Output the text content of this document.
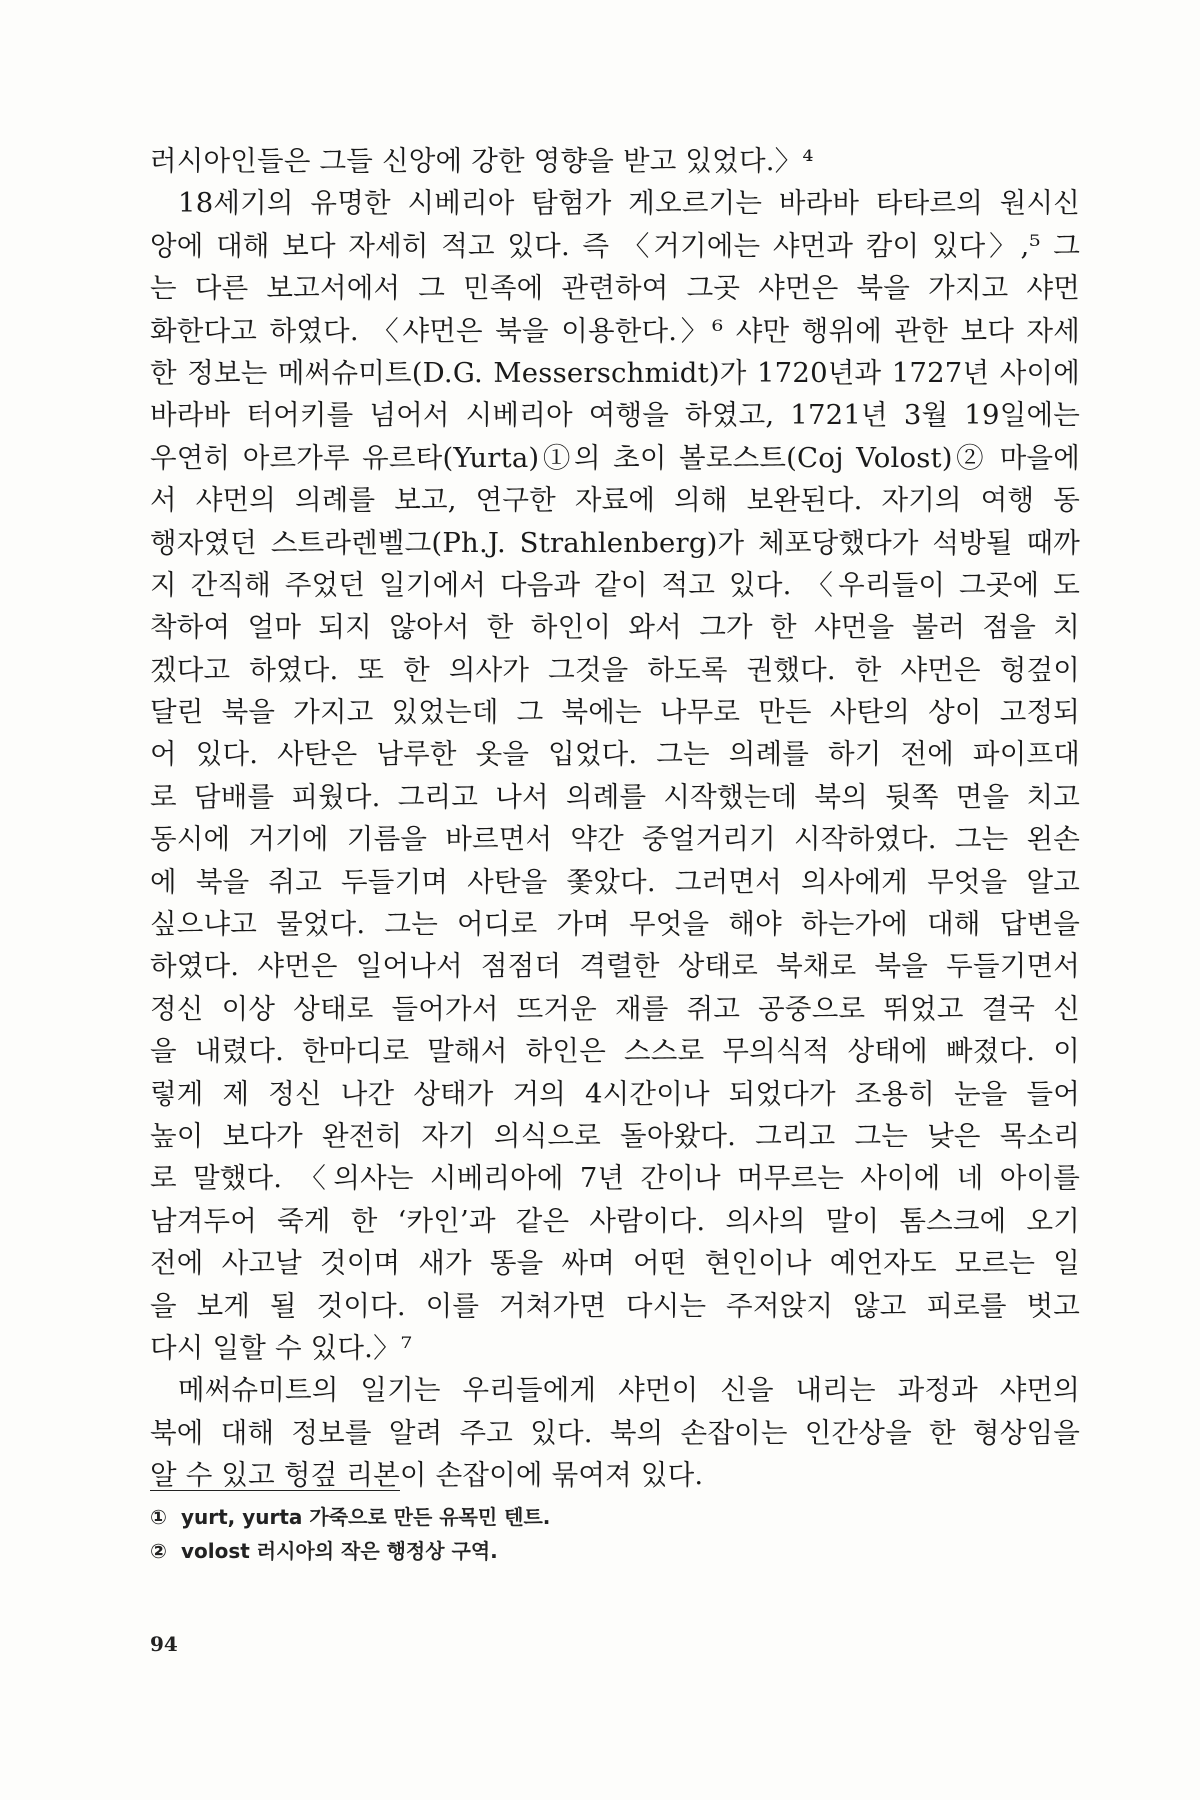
러시아인들은 그들 신앙에 강한 영향을 받고 있었다.〉⁴
18세기의 유명한 시베리아 탐험가 게오르기는 바라바 타타르의 원시신
앙에 대해 보다 자세히 적고 있다. 즉 〈거기에는 샤먼과 캄이 있다〉,⁵ 그
는 다른 보고서에서 그 민족에 관련하여 그곳 샤먼은 북을 가지고 샤먼
화한다고 하였다. 〈샤먼은 북을 이용한다.〉⁶ 샤만 행위에 관한 보다 자세
한 정보는 메써슈미트(D.G. Messerschmidt)가 1720년과 1727년 사이에
바라바 터어키를 넘어서 시베리아 여행을 하였고, 1721년 3월 19일에는
우연히 아르가루 유르타(Yurta)①의 초이 볼로스트(Coj Volost)② 마을에
서 샤먼의 의례를 보고, 연구한 자료에 의해 보완된다. 자기의 여행 동
행자였던 스트라렌벨그(Ph.J. Strahlenberg)가 체포당했다가 석방될 때까
지 간직해 주었던 일기에서 다음과 같이 적고 있다. 〈우리들이 그곳에 도
착하여 얼마 되지 않아서 한 하인이 와서 그가 한 샤먼을 불러 점을 치
겠다고 하였다. 또 한 의사가 그것을 하도록 권했다. 한 샤먼은 헝겊이
달린 북을 가지고 있었는데 그 북에는 나무로 만든 사탄의 상이 고정되
어 있다. 사탄은 남루한 옷을 입었다. 그는 의례를 하기 전에 파이프대
로 담배를 피웠다. 그리고 나서 의례를 시작했는데 북의 뒷쪽 면을 치고
동시에 거기에 기름을 바르면서 약간 중얼거리기 시작하였다. 그는 왼손
에 북을 쥐고 두들기며 사탄을 쫓았다. 그러면서 의사에게 무엇을 알고
싶으냐고 물었다. 그는 어디로 가며 무엇을 해야 하는가에 대해 답변을
하였다. 샤먼은 일어나서 점점더 격렬한 상태로 북채로 북을 두들기면서
정신 이상 상태로 들어가서 뜨거운 재를 쥐고 공중으로 뛰었고 결국 신
을 내렸다. 한마디로 말해서 하인은 스스로 무의식적 상태에 빠졌다. 이
렇게 제 정신 나간 상태가 거의 4시간이나 되었다가 조용히 눈을 들어
높이 보다가 완전히 자기 의식으로 돌아왔다. 그리고 그는 낮은 목소리
로 말했다. 〈의사는 시베리아에 7년 간이나 머무르는 사이에 네 아이를
남겨두어 죽게 한 ‘카인’과 같은 사람이다. 의사의 말이 톰스크에 오기
전에 사고날 것이며 새가 똥을 싸며 어떤 현인이나 예언자도 모르는 일
을 보게 될 것이다. 이를 거쳐가면 다시는 주저앉지 않고 피로를 벗고
다시 일할 수 있다.〉⁷
메써슈미트의 일기는 우리들에게 샤먼이 신을 내리는 과정과 샤먼의
북에 대해 정보를 알려 주고 있다. 북의 손잡이는 인간상을 한 형상임을
알 수 있고 헝겊 리본이 손잡이에 묶여져 있다.
① yurt, yurta 가죽으로 만든 유목민 텐트.
② volost 러시아의 작은 행정상 구역.
94
